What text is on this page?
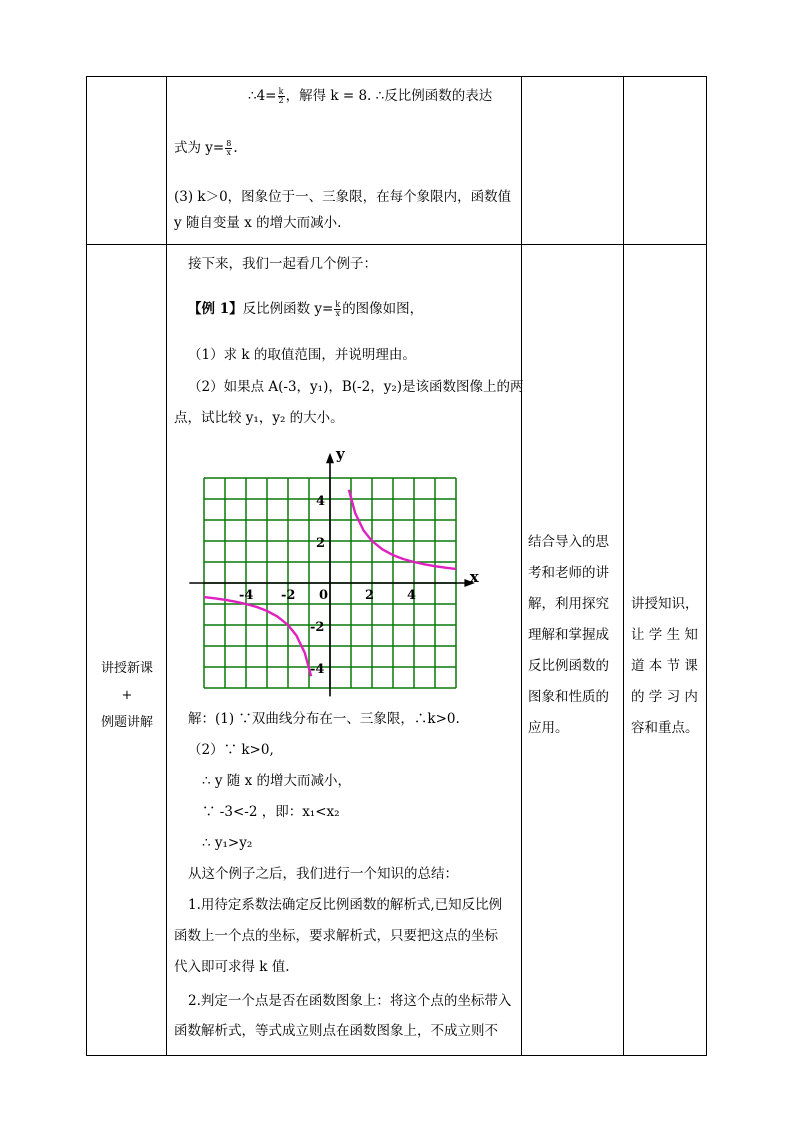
∴4= $\frac{k}{2}$ ，解得 k = 8. ∴反比例函数的表达
式为 $y= \frac{8}{x}$ .
(3) k＞0，图象位于一、三象限，在每个象限内，函数值
y 随自变量 x 的增大而减小.
讲授新课
+
例题讲解
接下来，我们一起看几个例子：
【例 1】反比例函数 $y= \frac{k}{x}$ 的图像如图，
（1）求 k 的取值范围，并说明理由。
（2）如果点 A(-3，y₁)，B(-2，y₂)是该函数图像上的两
点，试比较 y₁，y₂ 的大小。
x
y
-4 -2 0	2	4
4
2
-2
-4
解：(1) ∵双曲线分布在一、三象限，∴k>0.
（2）∵ k>0,
∴ y 随 x 的增大而减小，
∵ -3<-2 ，即：x₁<x₂
∴ y₁>y₂
从这个例子之后，我们进行一个知识的总结：
1.用待定系数法确定反比例函数的解析式,已知反比例
函数上一个点的坐标，要求解析式，只要把这点的坐标
代入即可求得 k 值.
2.判定一个点是否在函数图象上：将这个点的坐标带入
函数解析式，等式成立则点在函数图象上，不成立则不
结合导入的思
考和老师的讲
解，利用探究
理解和掌握成
反比例函数的
图象和性质的
应用。
讲授知识，
让 学 生 知
道 本 节 课
的 学 习 内
容和重点。
